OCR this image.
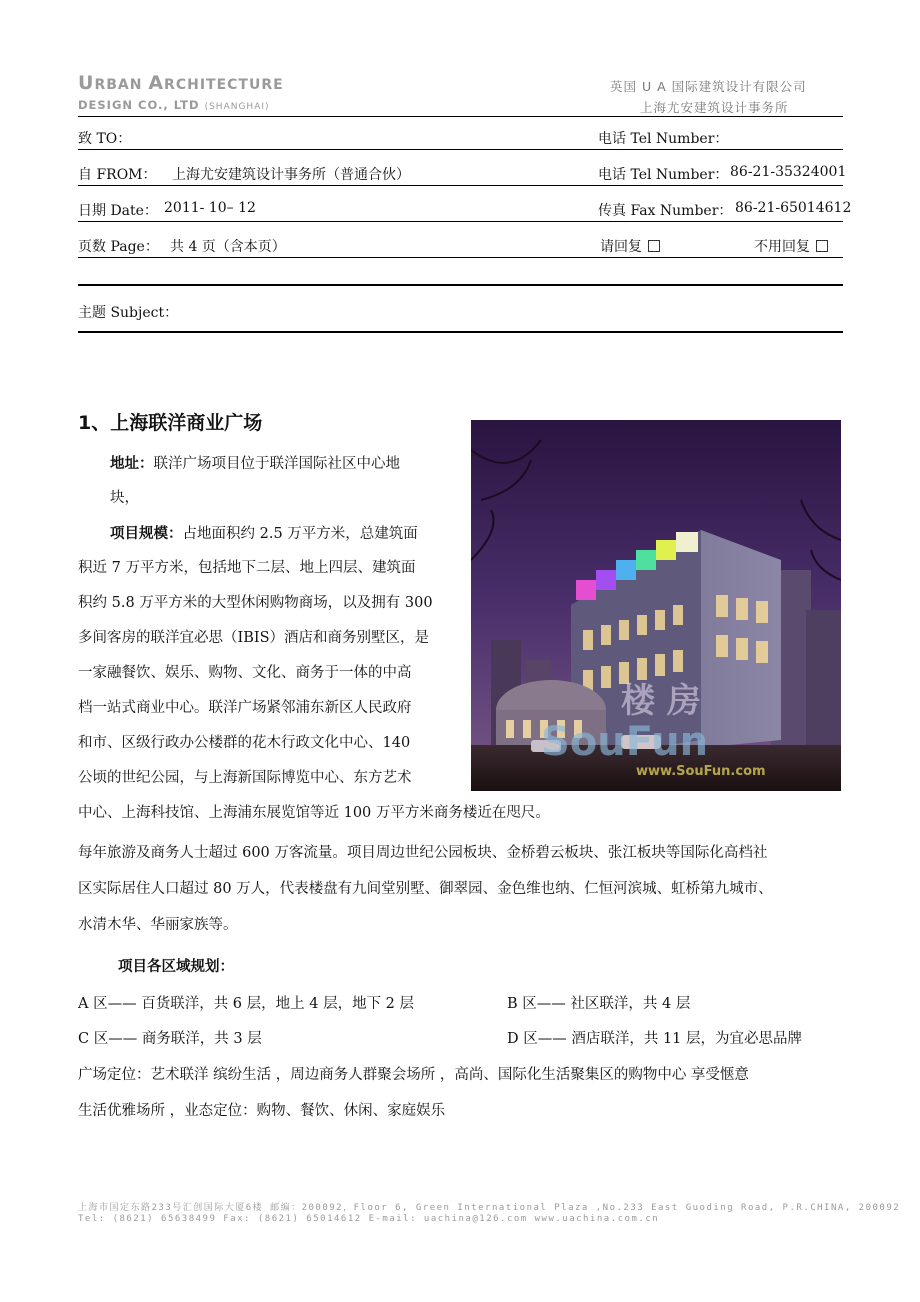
URBAN ARCHITECTURE
DESIGN CO., LTD (SHANGHAI)
英国 U A 国际建筑设计有限公司
上海尤安建筑设计事务所
致 TO：	电话 Tel Number：
自 FROM： 上海尤安建筑设计事务所（普通合伙）	电话 Tel Number： 86-21-35324001
日期 Date： 2011- 10– 12	传真 Fax Number： 86-21-65014612
页数 Page： 共 4 页（含本页）	请回复	不用回复
主题 Subject：
1、上海联洋商业广场
地址：联洋广场项目位于联洋国际社区中心地
块，
项目规模：占地面积约 2.5 万平方米，总建筑面
积近 7 万平方米，包括地下二层、地上四层、建筑面
积约 5.8 万平方米的大型休闲购物商场，以及拥有 300
多间客房的联洋宜必思（IBIS）酒店和商务别墅区，是
一家融餐饮、娱乐、购物、文化、商务于一体的中高
档一站式商业中心。联洋广场紧邻浦东新区人民政府
和市、区级行政办公楼群的花木行政文化中心、140
公顷的世纪公园，与上海新国际博览中心、东方艺术
中心、上海科技馆、上海浦东展览馆等近 100 万平方米商务楼近在咫尺。
每年旅游及商务人士超过 600 万客流量。项目周边世纪公园板块、金桥碧云板块、张江板块等国际化高档社
区实际居住人口超过 80 万人，代表楼盘有九间堂别墅、御翠园、金色维也纳、仁恒河滨城、虹桥第九城市、
水清木华、华丽家族等。
项目各区域规划：
A 区—— 百货联洋，共 6 层，地上 4 层，地下 2 层	B 区—— 社区联洋，共 4 层
C 区—— 商务联洋，共 3 层	D 区—— 酒店联洋，共 11 层，为宜必思品牌
广场定位：艺术联洋 缤纷生活 ，周边商务人群聚会场所 ，高尚、国际化生活聚集区的购物中心 享受惬意
生活优雅场所 ，业态定位：购物、餐饮、休闲、家庭娱乐
楼 房
SouFun
www.SouFun.com
上海市国定东路233号汇创国际大厦6楼 邮编：200092，Floor 6, Green International Plaza ,No.233 East Guoding Road, P.R.CHINA, 200092
Tel: (8621) 65638499 Fax: (8621) 65014612 E-mail: uachina@126.com www.uachina.com.cn
